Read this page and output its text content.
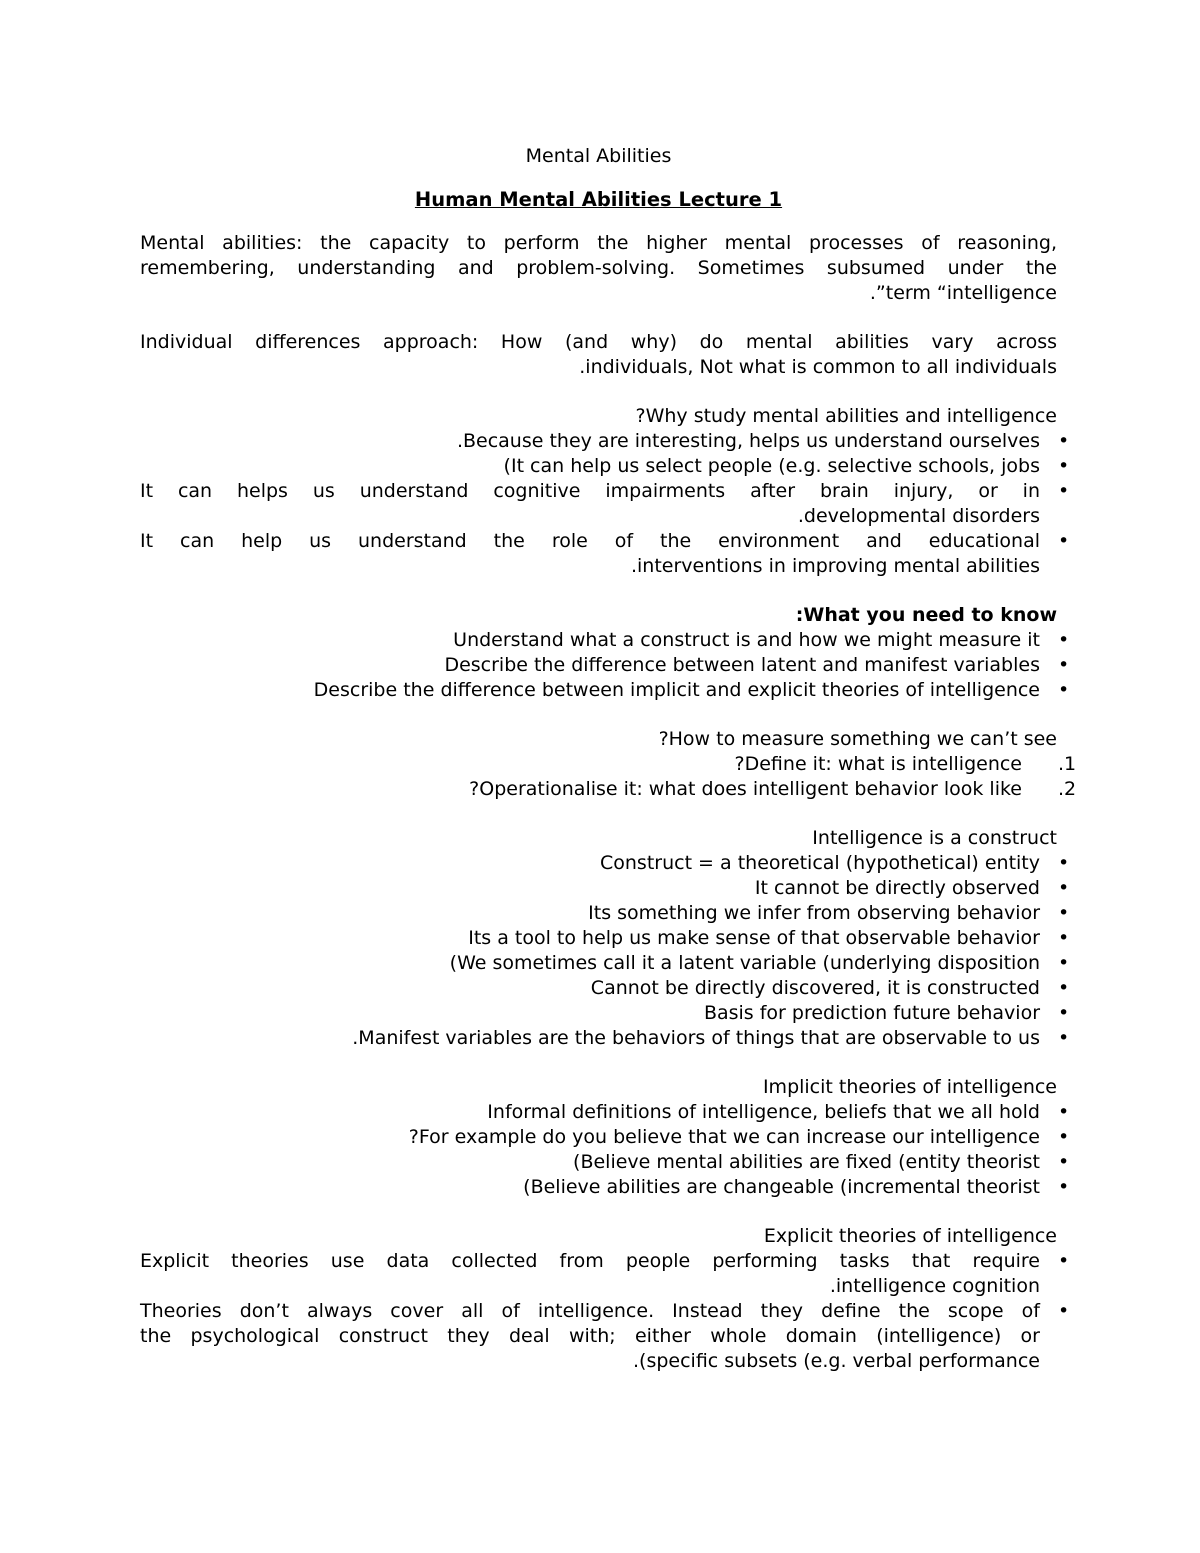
Mental Abilities
Human Mental Abilities Lecture 1
Mental abilities: the capacity to perform the higher mental processes of reasoning,
remembering, understanding and problem-solving. Sometimes subsumed under the
.”term “intelligence
Individual differences approach: How (and why) do mental abilities vary across
.individuals, Not what is common to all individuals
?Why study mental abilities and intelligence
.Because they are interesting, helps us understand ourselves •
(It can help us select people (e.g. selective schools, jobs •
It can helps us understand cognitive impairments after brain injury, or in •
.developmental disorders
It can help us understand the role of the environment and educational •
.interventions in improving mental abilities
:What you need to know
Understand what a construct is and how we might measure it •
Describe the difference between latent and manifest variables •
Describe the difference between implicit and explicit theories of intelligence •
?How to measure something we can’t see
?Define it: what is intelligence .1
?Operationalise it: what does intelligent behavior look like .2
Intelligence is a construct
Construct = a theoretical (hypothetical) entity •
It cannot be directly observed •
Its something we infer from observing behavior •
Its a tool to help us make sense of that observable behavior •
(We sometimes call it a latent variable (underlying disposition •
Cannot be directly discovered, it is constructed •
Basis for prediction future behavior •
.Manifest variables are the behaviors of things that are observable to us •
Implicit theories of intelligence
Informal definitions of intelligence, beliefs that we all hold •
?For example do you believe that we can increase our intelligence •
(Believe mental abilities are fixed (entity theorist •
(Believe abilities are changeable (incremental theorist •
Explicit theories of intelligence
Explicit theories use data collected from people performing tasks that require •
.intelligence cognition
Theories don’t always cover all of intelligence. Instead they define the scope of •
the psychological construct they deal with; either whole domain (intelligence) or
.(specific subsets (e.g. verbal performance
